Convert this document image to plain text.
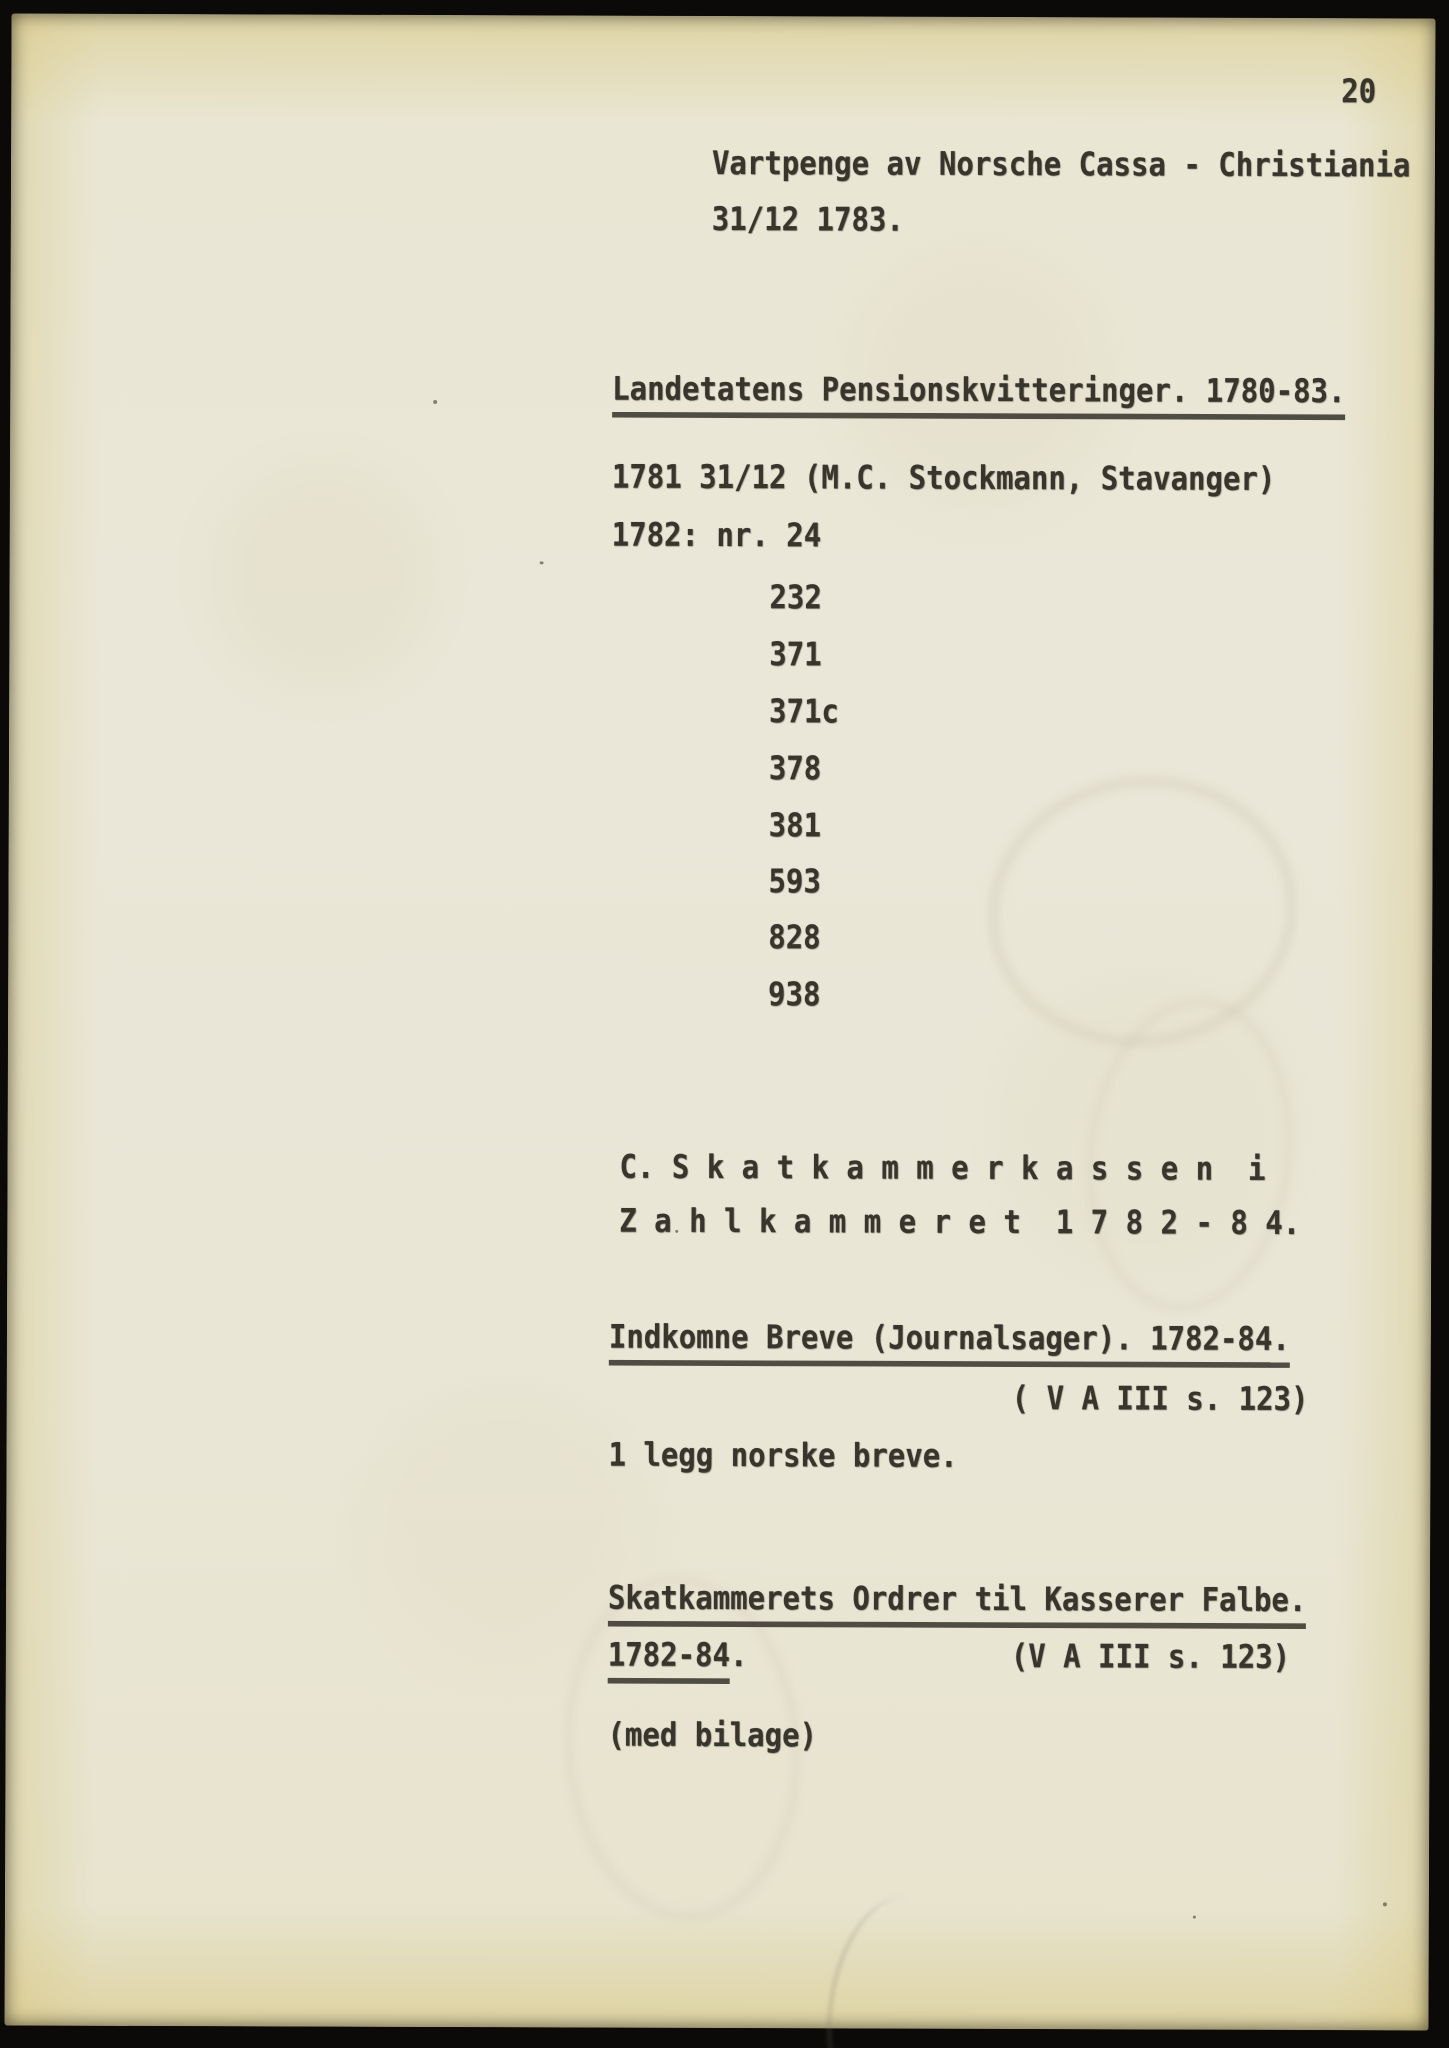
20
Vartpenge av Norsche Cassa - Christiania
31/12 1783.
Landetatens Pensionskvitteringer. 1780-83.
1781 31/12 (M.C. Stockmann, Stavanger)
1782: nr. 24
232
371
371c
378
381
593
828
938
C. S k a t k a m m e r k a s s e n  i
Z a h l k a m m e r e t  1 7 8 2 - 8 4.
Indkomne Breve (Journalsager). 1782-84.
( V A III s. 123)
1 legg norske breve.
Skatkammerets Ordrer til Kasserer Falbe.
1782-84.	(V A III s. 123)
(med bilage)
